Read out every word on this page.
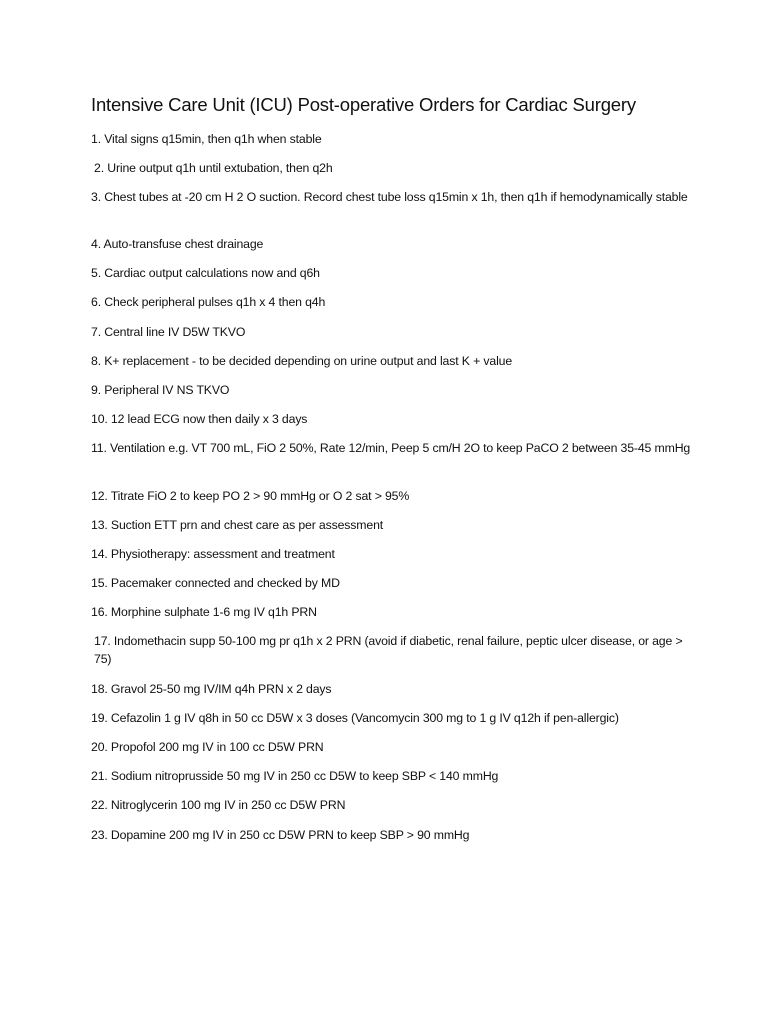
Intensive Care Unit (ICU) Post-operative Orders for Cardiac Surgery
1. Vital signs q15min, then q1h when stable
2. Urine output q1h until extubation, then q2h
3. Chest tubes at -20 cm H 2 O suction. Record chest tube loss q15min x 1h, then q1h if hemodynamically stable
4. Auto-transfuse chest drainage
5. Cardiac output calculations now and q6h
6. Check peripheral pulses q1h x 4 then q4h
7. Central line IV D5W TKVO
8. K+ replacement - to be decided depending on urine output and last K + value
9. Peripheral IV NS TKVO
10. 12 lead ECG now then daily x 3 days
11. Ventilation e.g. VT 700 mL, FiO 2 50%, Rate 12/min, Peep 5 cm/H 2O to keep PaCO 2 between 35-45 mmHg
12. Titrate FiO 2 to keep PO 2 > 90 mmHg or O 2 sat > 95%
13. Suction ETT prn and chest care as per assessment
14. Physiotherapy: assessment and treatment
15. Pacemaker connected and checked by MD
16. Morphine sulphate 1-6 mg IV q1h PRN
17. Indomethacin supp 50-100 mg pr q1h x 2 PRN (avoid if diabetic, renal failure, peptic ulcer disease, or age > 75)
18. Gravol 25-50 mg IV/IM q4h PRN x 2 days
19. Cefazolin 1 g IV q8h in 50 cc D5W x 3 doses (Vancomycin 300 mg to 1 g IV q12h if pen-allergic)
20. Propofol 200 mg IV in 100 cc D5W PRN
21. Sodium nitroprusside 50 mg IV in 250 cc D5W to keep SBP < 140 mmHg
22. Nitroglycerin 100 mg IV in 250 cc D5W PRN
23. Dopamine 200 mg IV in 250 cc D5W PRN to keep SBP > 90 mmHg
